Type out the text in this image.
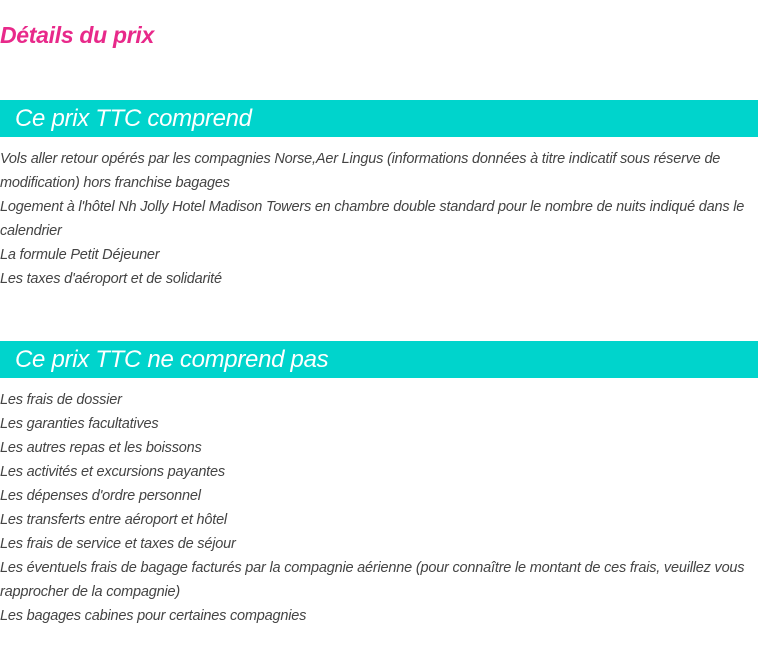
Détails du prix
Ce prix TTC comprend
Vols aller retour opérés par les compagnies Norse,Aer Lingus (informations données à titre indicatif sous réserve de modification) hors franchise bagages
Logement à l'hôtel Nh Jolly Hotel Madison Towers en chambre double standard pour le nombre de nuits indiqué dans le calendrier
La formule Petit Déjeuner
Les taxes d'aéroport et de solidarité
Ce prix TTC ne comprend pas
Les frais de dossier
Les garanties facultatives
Les autres repas et les boissons
Les activités et excursions payantes
Les dépenses d'ordre personnel
Les transferts entre aéroport et hôtel
Les frais de service et taxes de séjour
Les éventuels frais de bagage facturés par la compagnie aérienne (pour connaître le montant de ces frais, veuillez vous rapprocher de la compagnie)
Les bagages cabines pour certaines compagnies
